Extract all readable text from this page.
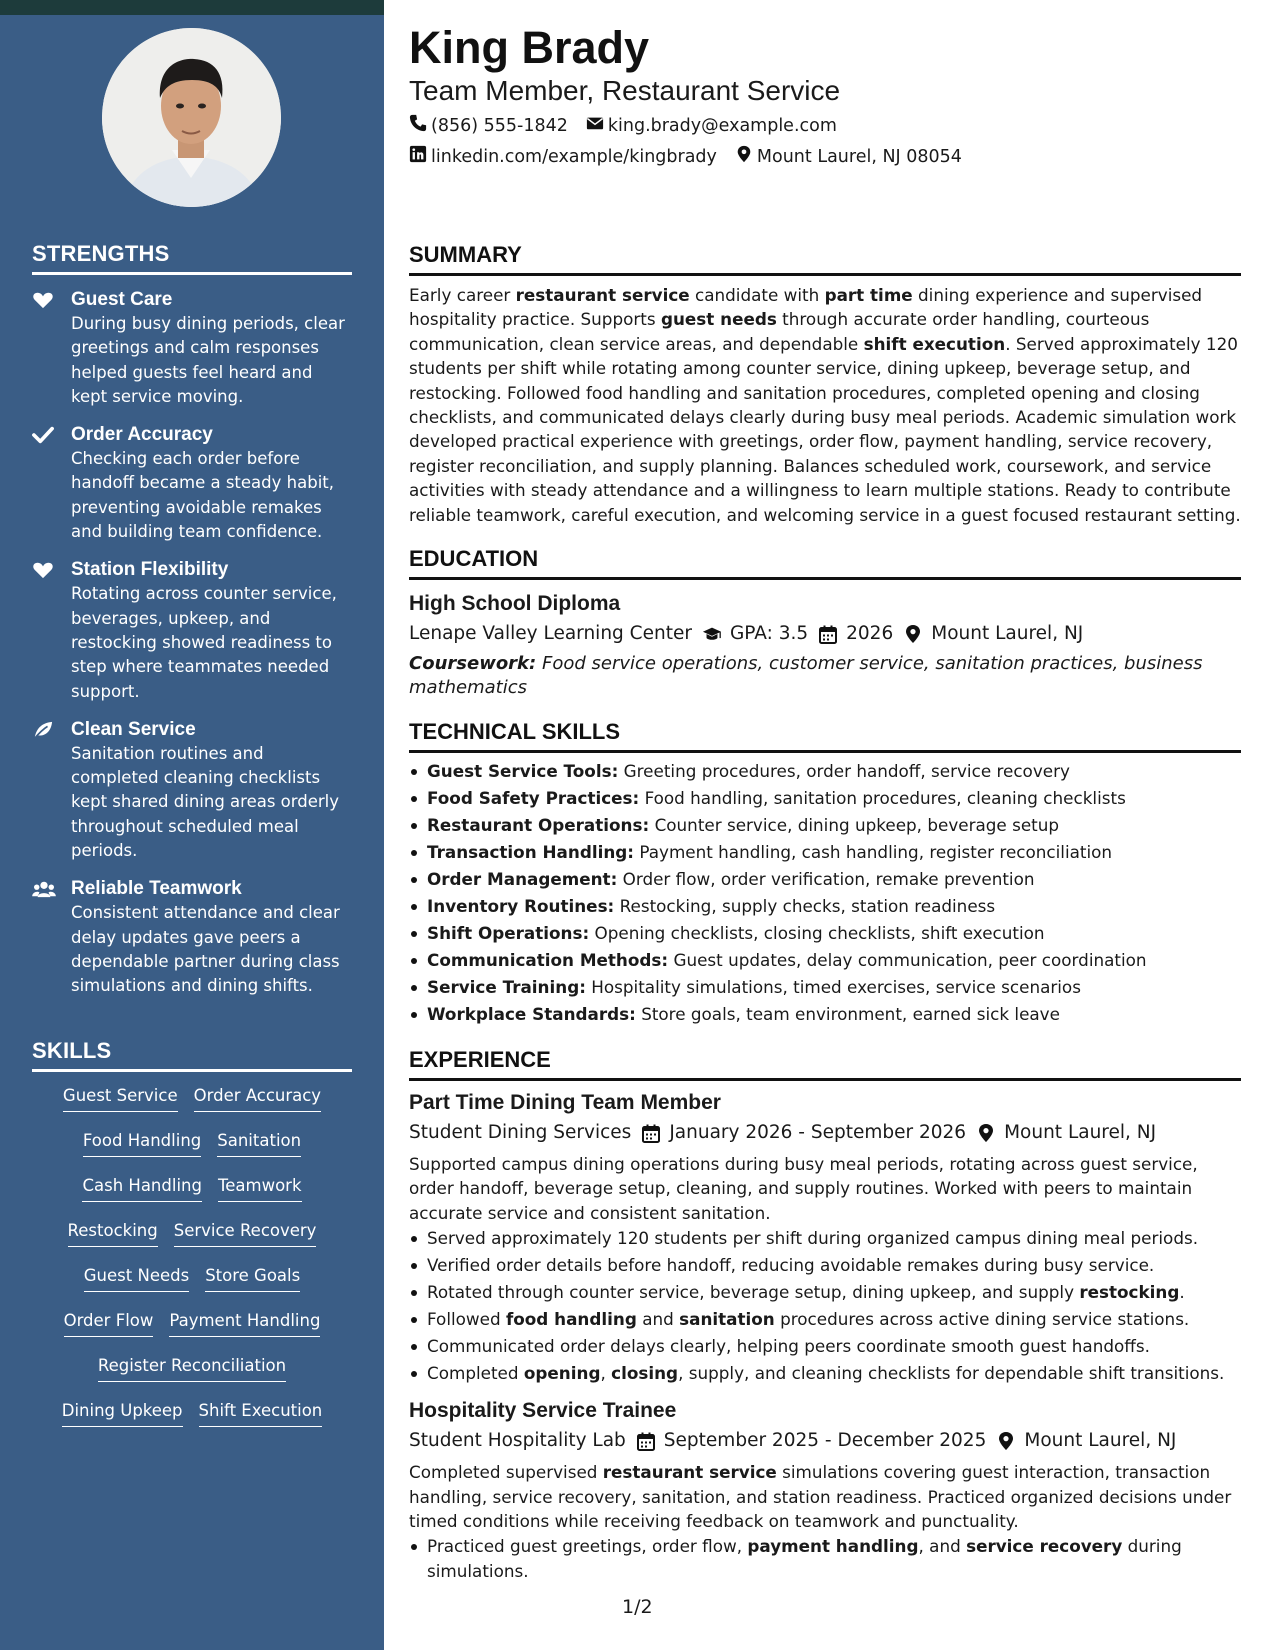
STRENGTHS
Guest Care
During busy dining periods, clear greetings and calm responses helped guests feel heard and kept service moving.
Order Accuracy
Checking each order before handoff became a steady habit, preventing avoidable remakes and building team confidence.
Station Flexibility
Rotating across counter service, beverages, upkeep, and restocking showed readiness to step where teammates needed support.
Clean Service
Sanitation routines and completed cleaning checklists kept shared dining areas orderly throughout scheduled meal periods.
Reliable Teamwork
Consistent attendance and clear delay updates gave peers a dependable partner during class simulations and dining shifts.
SKILLS
Guest Service Order Accuracy
Food Handling Sanitation
Cash Handling Teamwork
Restocking Service Recovery
Guest Needs Store Goals
Order Flow Payment Handling
Register Reconciliation
Dining Upkeep Shift Execution
King Brady
Team Member, Restaurant Service
(856) 555-1842 king.brady@example.com
linkedin.com/example/kingbrady Mount Laurel, NJ 08054
SUMMARY
Early career restaurant service candidate with part time dining experience and supervised hospitality practice. Supports guest needs through accurate order handling, courteous communication, clean service areas, and dependable shift execution. Served approximately 120 students per shift while rotating among counter service, dining upkeep, beverage setup, and restocking. Followed food handling and sanitation procedures, completed opening and closing checklists, and communicated delays clearly during busy meal periods. Academic simulation work developed practical experience with greetings, order flow, payment handling, service recovery, register reconciliation, and supply planning. Balances scheduled work, coursework, and service activities with steady attendance and a willingness to learn multiple stations. Ready to contribute reliable teamwork, careful execution, and welcoming service in a guest focused restaurant setting.
EDUCATION
High School Diploma
Lenape Valley Learning Center GPA: 3.5 2026 Mount Laurel, NJ
Coursework: Food service operations, customer service, sanitation practices, business mathematics
TECHNICAL SKILLS
Guest Service Tools: Greeting procedures, order handoff, service recovery
Food Safety Practices: Food handling, sanitation procedures, cleaning checklists
Restaurant Operations: Counter service, dining upkeep, beverage setup
Transaction Handling: Payment handling, cash handling, register reconciliation
Order Management: Order flow, order verification, remake prevention
Inventory Routines: Restocking, supply checks, station readiness
Shift Operations: Opening checklists, closing checklists, shift execution
Communication Methods: Guest updates, delay communication, peer coordination
Service Training: Hospitality simulations, timed exercises, service scenarios
Workplace Standards: Store goals, team environment, earned sick leave
EXPERIENCE
Part Time Dining Team Member
Student Dining Services January 2026 - September 2026 Mount Laurel, NJ
Supported campus dining operations during busy meal periods, rotating across guest service, order handoff, beverage setup, cleaning, and supply routines. Worked with peers to maintain accurate service and consistent sanitation.
Served approximately 120 students per shift during organized campus dining meal periods.
Verified order details before handoff, reducing avoidable remakes during busy service.
Rotated through counter service, beverage setup, dining upkeep, and supply restocking.
Followed food handling and sanitation procedures across active dining service stations.
Communicated order delays clearly, helping peers coordinate smooth guest handoffs.
Completed opening, closing, supply, and cleaning checklists for dependable shift transitions.
Hospitality Service Trainee
Student Hospitality Lab September 2025 - December 2025 Mount Laurel, NJ
Completed supervised restaurant service simulations covering guest interaction, transaction handling, service recovery, sanitation, and station readiness. Practiced organized decisions under timed conditions while receiving feedback on teamwork and punctuality.
Practiced guest greetings, order flow, payment handling, and service recovery during simulations.
1/2
